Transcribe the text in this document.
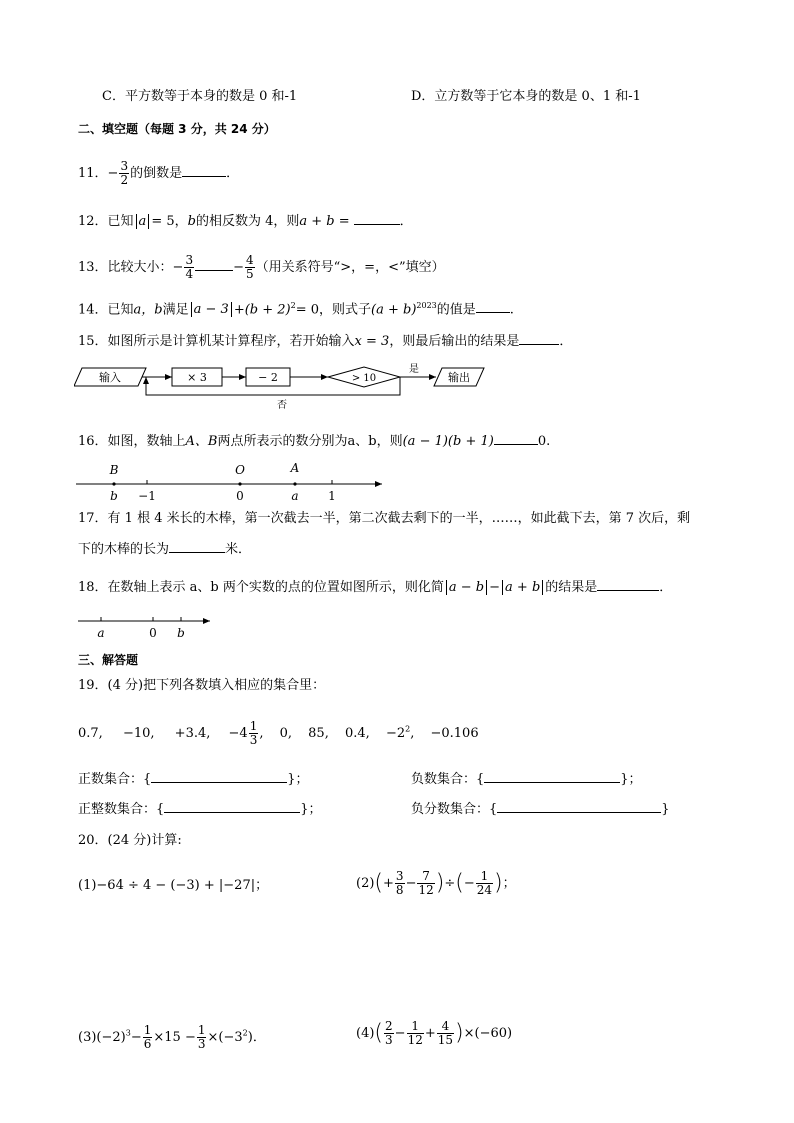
C．平方数等于本身的数是 0 和-1	D．立方数等于它本身的数是 0、1 和-1
二、填空题（每题 3 分，共 24 分）
11．− $\frac{3}{2}$ 的倒数是	．
12．已知 a = 5，b的相反数为 4，则a + b =	．
13．比较大小：− $\frac{3}{4}$	− $\frac{4}{5}$ （用关系符号“>，=，<”填空）
14．已知a，b满足 $a - 3 +(b + 2)^2= 0$，则式子$(a + b)^{2023}$的值是	.
15．如图所示是计算机某计算程序，若开始输入x = 3，则最后输出的结果是	．
输入	× 3	− 2	> 10
是
输出
否
16．如图，数轴上A、B两点所表示的数分别为a、b，则(a − 1)(b + 1)	0.
B	O	A
b −1	0	a 1
17．有 1 根 4 米长的木棒，第一次截去一半，第二次截去剩下的一半，……，如此截下去，第 7 次后，剩
下的木棒的长为	米．
18．在数轴上表示 a、b 两个实数的点的位置如图所示，则化简 a − b − a + b 的结果是	．
a	0 b
三、解答题
19．(4 分)把下列各数填入相应的集合里：
0.7, −10, +3.4, $-4 \frac{1}{3}$ , 0, 85, 0.4, $-2^2$, −0.106
正数集合：{	}；	负数集合：{	}；
正整数集合：{	}；	负分数集合：{	}
20．(24 分)计算:
(1)−64 ÷ 4 − (−3) + |−27|；	$(2)(+ \frac{3}{8} - \frac{7}{12}$ )÷(− $\frac{1}{24}$ )；
$(3)(-2)^3- \frac{1}{6} \times 15 - \frac{1}{3} \times(-3^2)$．	$(4)( \frac{2}{3} - \frac{1}{12} + \frac{4}{15} )\times(-60)$
